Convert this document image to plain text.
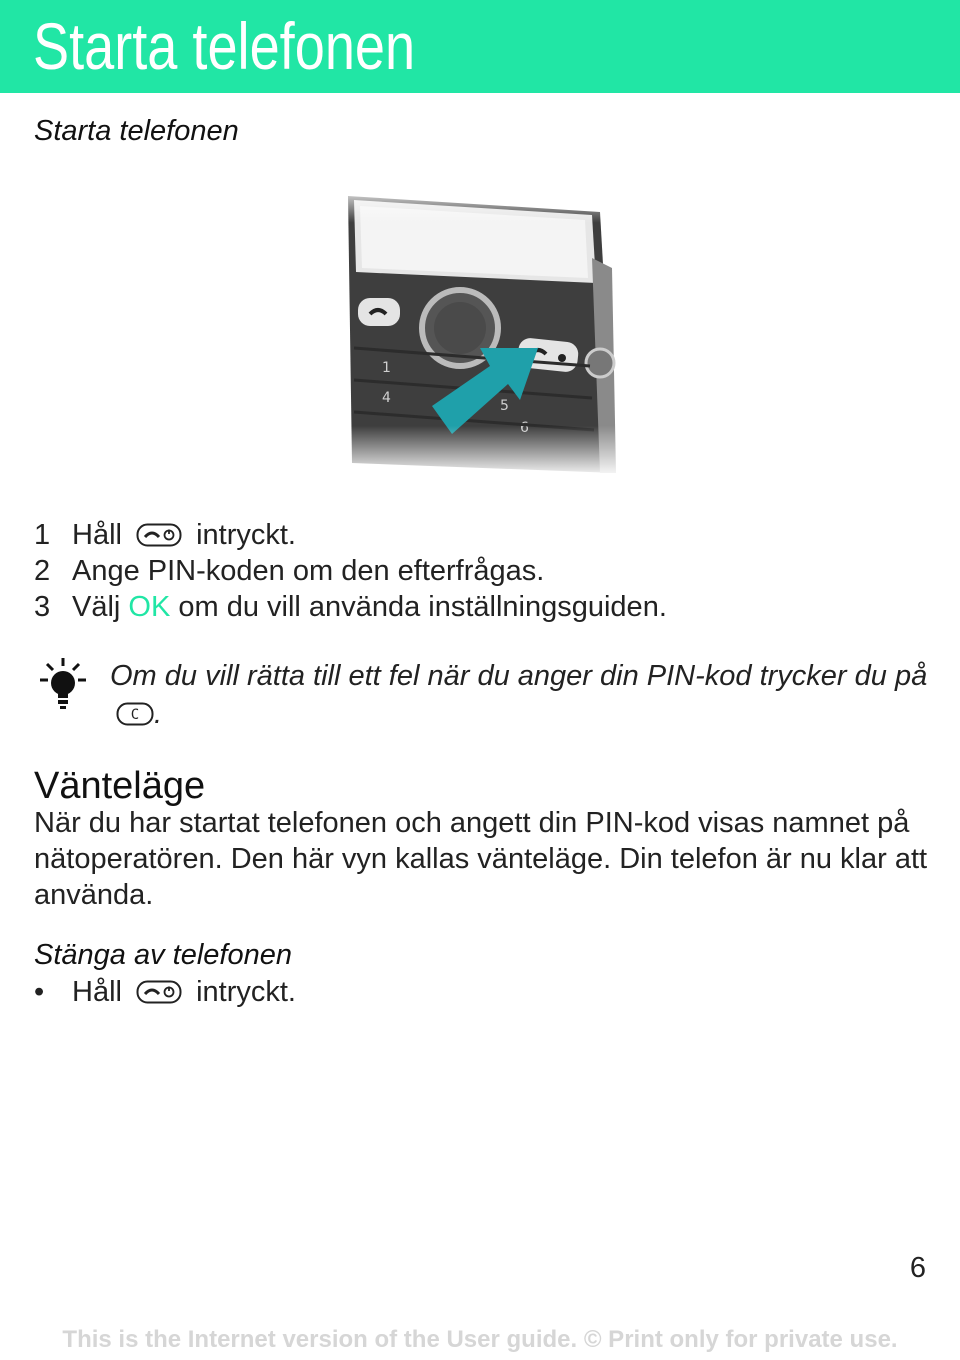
Starta telefonen
Starta telefonen
1 Håll	intryckt.
2 Ange PIN-koden om den efterfrågas.
3 Välj OK om du vill använda inställningsguiden.
Om du vill rätta till ett fel när du anger din PIN-kod trycker du på
C .
Vänteläge

När du har startat telefonen och angett din PIN-kod visas namnet på nätoperatören. Den här vyn kallas vänteläge. Din telefon är nu klar att använda.

Stänga av telefonen
• Håll	intryckt.
6
This is the Internet version of the User guide. © Print only for private use.
